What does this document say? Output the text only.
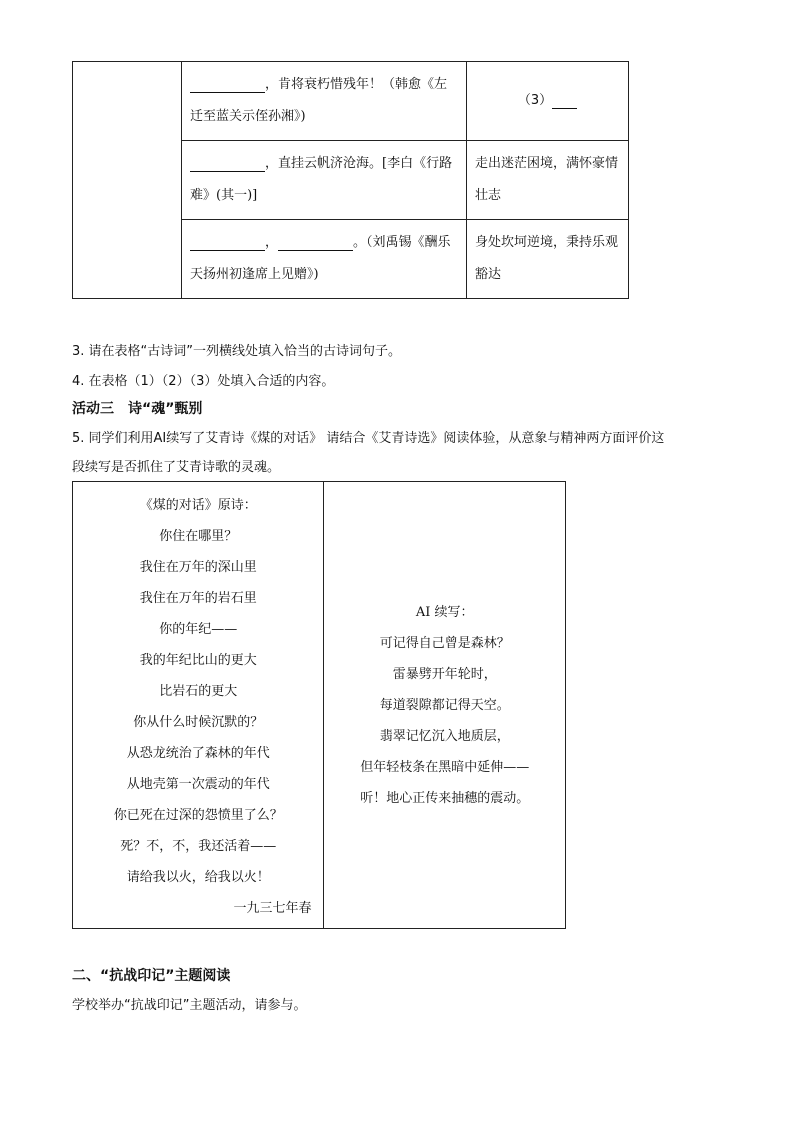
	，肯将衰朽惜残年！（韩愈《左迁至蓝关示侄孙湘》)	（3）
	，直挂云帆济沧海。[李白《行路难》(其一)]	走出迷茫困境，满怀豪情壮志
	， 。（刘禹锡《酬乐天扬州初逢席上见赠》)	身处坎坷逆境，秉持乐观豁达
3. 请在表格“古诗词”一列横线处填入恰当的古诗词句子。
4. 在表格（1）（2）（3）处填入合适的内容。
活动三　诗“魂”甄别
5. 同学们利用AI续写了艾青诗《煤的对话》 请结合《艾青诗选》阅读体验，从意象与精神两方面评价这
段续写是否抓住了艾青诗歌的灵魂。
《煤的对话》原诗：
你住在哪里？
我住在万年的深山里
我住在万年的岩石里
你的年纪——
我的年纪比山的更大
比岩石的更大
你从什么时候沉默的？
从恐龙统治了森林的年代
从地壳第一次震动的年代
你已死在过深的怨愤里了么？
死？不，不，我还活着——
请给我以火，给我以火！
一九三七年春

AI 续写：
可记得自己曾是森林？
雷暴劈开年轮时，
每道裂隙都记得天空。
翡翠记忆沉入地质层，
但年轻枝条在黑暗中延伸——
听！地心正传来抽穗的震动。
二、“抗战印记”主题阅读
学校举办“抗战印记”主题活动，请参与。
